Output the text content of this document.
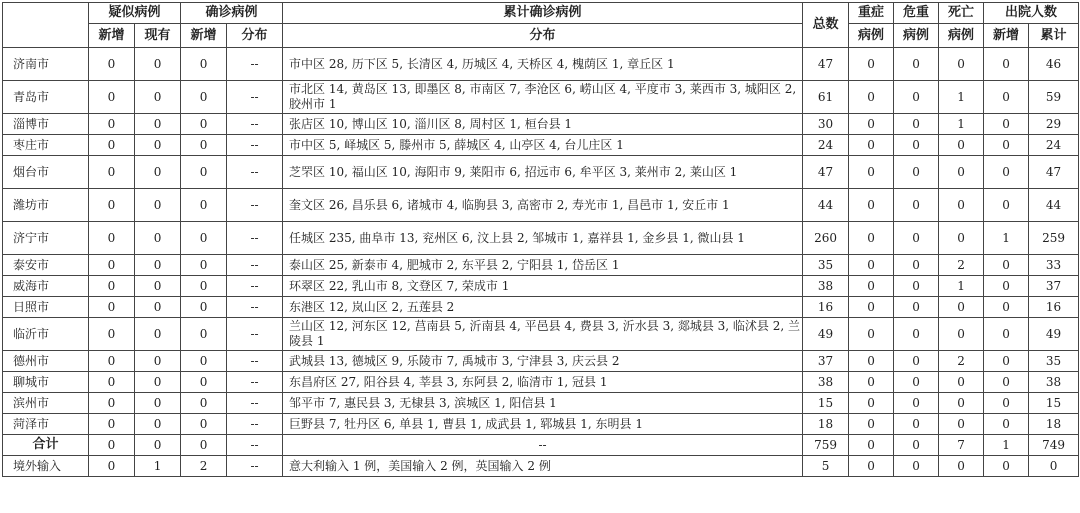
	疑似病例		确诊病例		累计确诊病例	总数	重症	危重	死亡	出院人数	
	新增	现有	新增	分布	分布		病例	病例	病例	新增	累计
济南市	0	0	0	--	市中区 28, 历下区 5, 长清区 4, 历城区 4, 天桥区 4, 槐荫区 1, 章丘区 1	47	0	0	0	0	46
青岛市	0	0	0	--	市北区 14, 黄岛区 13, 即墨区 8, 市南区 7, 李沧区 6, 崂山区 4, 平度市 3, 莱西市 3, 城阳区 2, 胶州市 1	61	0	0	1	0	59
淄博市	0	0	0	--	张店区 10, 博山区 10, 淄川区 8, 周村区 1, 桓台县 1	30	0	0	1	0	29
枣庄市	0	0	0	--	市中区 5, 峄城区 5, 滕州市 5, 薛城区 4, 山亭区 4, 台儿庄区 1	24	0	0	0	0	24
烟台市	0	0	0	--	芝罘区 10, 福山区 10, 海阳市 9, 莱阳市 6, 招远市 6, 牟平区 3, 莱州市 2, 莱山区 1	47	0	0	0	0	47
潍坊市	0	0	0	--	奎文区 26, 昌乐县 6, 诸城市 4, 临朐县 3, 高密市 2, 寿光市 1, 昌邑市 1, 安丘市 1	44	0	0	0	0	44
济宁市	0	0	0	--	任城区 235, 曲阜市 13, 兖州区 6, 汶上县 2, 邹城市 1, 嘉祥县 1, 金乡县 1, 微山县 1	260	0	0	0	1	259
泰安市	0	0	0	--	泰山区 25, 新泰市 4, 肥城市 2, 东平县 2, 宁阳县 1, 岱岳区 1	35	0	0	2	0	33
威海市	0	0	0	--	环翠区 22, 乳山市 8, 文登区 7, 荣成市 1	38	0	0	1	0	37
日照市	0	0	0	--	东港区 12, 岚山区 2, 五莲县 2	16	0	0	0	0	16
临沂市	0	0	0	--	兰山区 12, 河东区 12, 莒南县 5, 沂南县 4, 平邑县 4, 费县 3, 沂水县 3, 郯城县 3, 临沭县 2, 兰陵县 1	49	0	0	0	0	49
德州市	0	0	0	--	武城县 13, 德城区 9, 乐陵市 7, 禹城市 3, 宁津县 3, 庆云县 2	37	0	0	2	0	35
聊城市	0	0	0	--	东昌府区 27, 阳谷县 4, 莘县 3, 东阿县 2, 临清市 1, 冠县 1	38	0	0	0	0	38
滨州市	0	0	0	--	邹平市 7, 惠民县 3, 无棣县 3, 滨城区 1, 阳信县 1	15	0	0	0	0	15
菏泽市	0	0	0	--	巨野县 7, 牡丹区 6, 单县 1, 曹县 1, 成武县 1, 郓城县 1, 东明县 1	18	0	0	0	0	18
合计	0	0	0	--	--	759	0	0	7	1	749
境外输入	0	1	2	--	意大利输入 1 例，美国输入 2 例，英国输入 2 例	5	0	0	0	0	0
